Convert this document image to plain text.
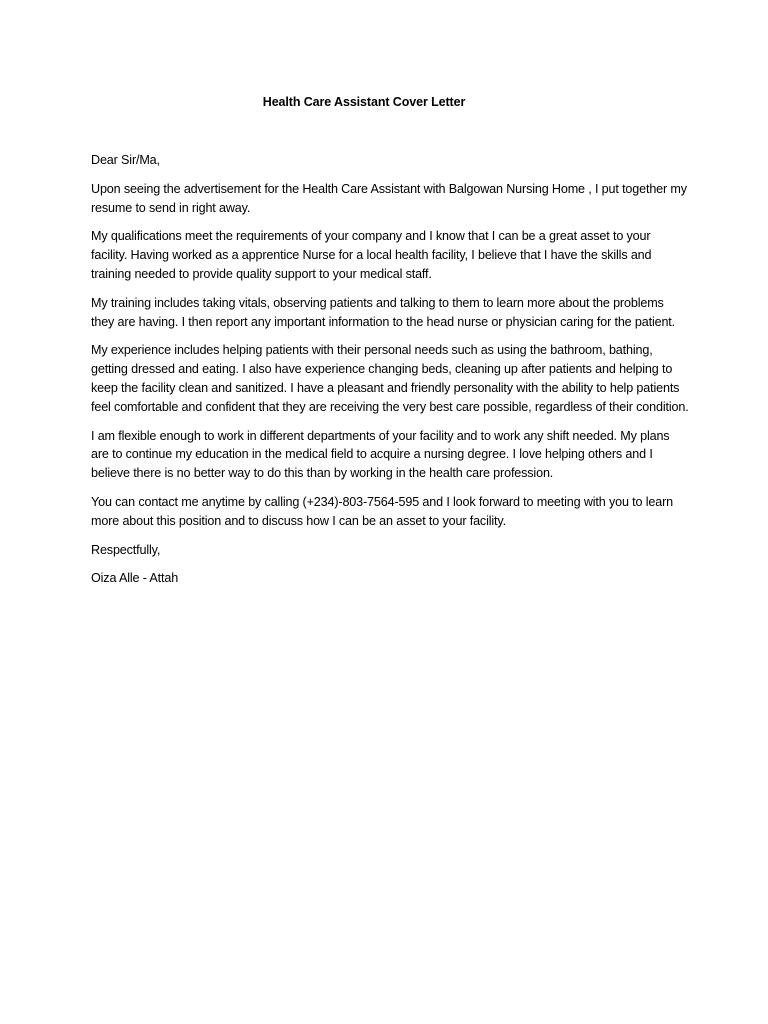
Health Care Assistant Cover Letter

Dear Sir/Ma,

Upon seeing the advertisement for the Health Care Assistant with Balgowan Nursing Home , I put together my resume to send in right away.

My qualifications meet the requirements of your company and I know that I can be a great asset to your facility. Having worked as a apprentice Nurse for a local health facility, I believe that I have the skills and training needed to provide quality support to your medical staff.

My training includes taking vitals, observing patients and talking to them to learn more about the problems they are having. I then report any important information to the head nurse or physician caring for the patient.

My experience includes helping patients with their personal needs such as using the bathroom, bathing, getting dressed and eating. I also have experience changing beds, cleaning up after patients and helping to keep the facility clean and sanitized. I have a pleasant and friendly personality with the ability to help patients feel comfortable and confident that they are receiving the very best care possible, regardless of their condition.

I am flexible enough to work in different departments of your facility and to work any shift needed. My plans are to continue my education in the medical field to acquire a nursing degree. I love helping others and I believe there is no better way to do this than by working in the health care profession.

You can contact me anytime by calling (+234)-803-7564-595 and I look forward to meeting with you to learn more about this position and to discuss how I can be an asset to your facility.

Respectfully,

Oiza Alle - Attah
